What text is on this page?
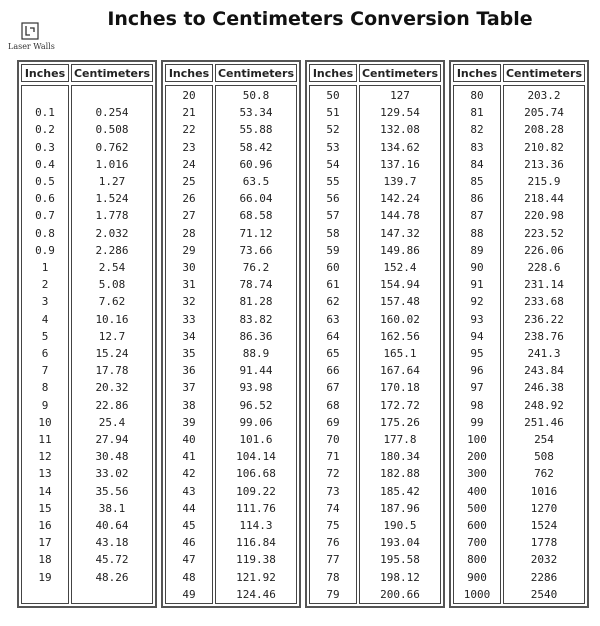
Laser Walls
Inches to Centimeters Conversion Table
Inches Centimeters
0.1	0.254
0.2	0.508
0.3	0.762
0.4	1.016
0.5	1.27
0.6	1.524
0.7	1.778
0.8	2.032
0.9	2.286
1	2.54
2	5.08
3	7.62
4	10.16
5	12.7
6	15.24
7	17.78
8	20.32
9	22.86
10	25.4
11	27.94
12	30.48
13	33.02
14	35.56
15	38.1
16	40.64
17	43.18
18	45.72
19	48.26
Inches Centimeters
20	50.8
21	53.34
22	55.88
23	58.42
24	60.96
25	63.5
26	66.04
27	68.58
28	71.12
29	73.66
30	76.2
31	78.74
32	81.28
33	83.82
34	86.36
35	88.9
36	91.44
37	93.98
38	96.52
39	99.06
40	101.6
41	104.14
42	106.68
43	109.22
44	111.76
45	114.3
46	116.84
47	119.38
48	121.92
49	124.46
Inches Centimeters
50	127
51	129.54
52	132.08
53	134.62
54	137.16
55	139.7
56	142.24
57	144.78
58	147.32
59	149.86
60	152.4
61	154.94
62	157.48
63	160.02
64	162.56
65	165.1
66	167.64
67	170.18
68	172.72
69	175.26
70	177.8
71	180.34
72	182.88
73	185.42
74	187.96
75	190.5
76	193.04
77	195.58
78	198.12
79	200.66
Inches Centimeters
80	203.2
81	205.74
82	208.28
83	210.82
84	213.36
85	215.9
86	218.44
87	220.98
88	223.52
89	226.06
90	228.6
91	231.14
92	233.68
93	236.22
94	238.76
95	241.3
96	243.84
97	246.38
98	248.92
99	251.46
100	254
200	508
300	762
400	1016
500	1270
600	1524
700	1778
800	2032
900	2286
1000	2540
